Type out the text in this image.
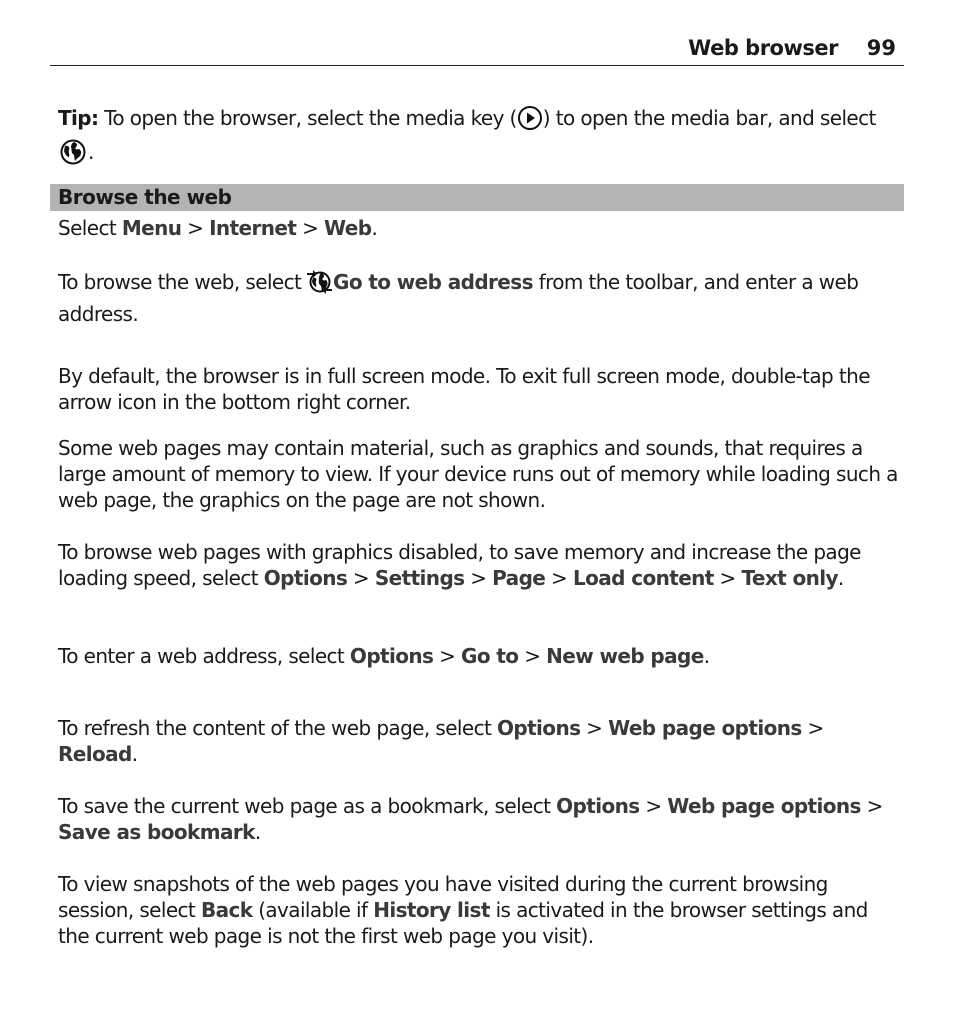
Web browser 99

Tip: To open the browser, select the media key ( ) to open the media bar, and select .

Browse the web

Select Menu > Internet > Web.

To browse the web, select Go to web address from the toolbar, and enter a web address.

By default, the browser is in full screen mode. To exit full screen mode, double-tap the arrow icon in the bottom right corner.

Some web pages may contain material, such as graphics and sounds, that requires a large amount of memory to view. If your device runs out of memory while loading such a web page, the graphics on the page are not shown.

To browse web pages with graphics disabled, to save memory and increase the page loading speed, select Options > Settings > Page > Load content > Text only.

To enter a web address, select Options > Go to > New web page.

To refresh the content of the web page, select Options > Web page options > Reload.

To save the current web page as a bookmark, select Options > Web page options > Save as bookmark.

To view snapshots of the web pages you have visited during the current browsing session, select Back (available if History list is activated in the browser settings and the current web page is not the first web page you visit).
